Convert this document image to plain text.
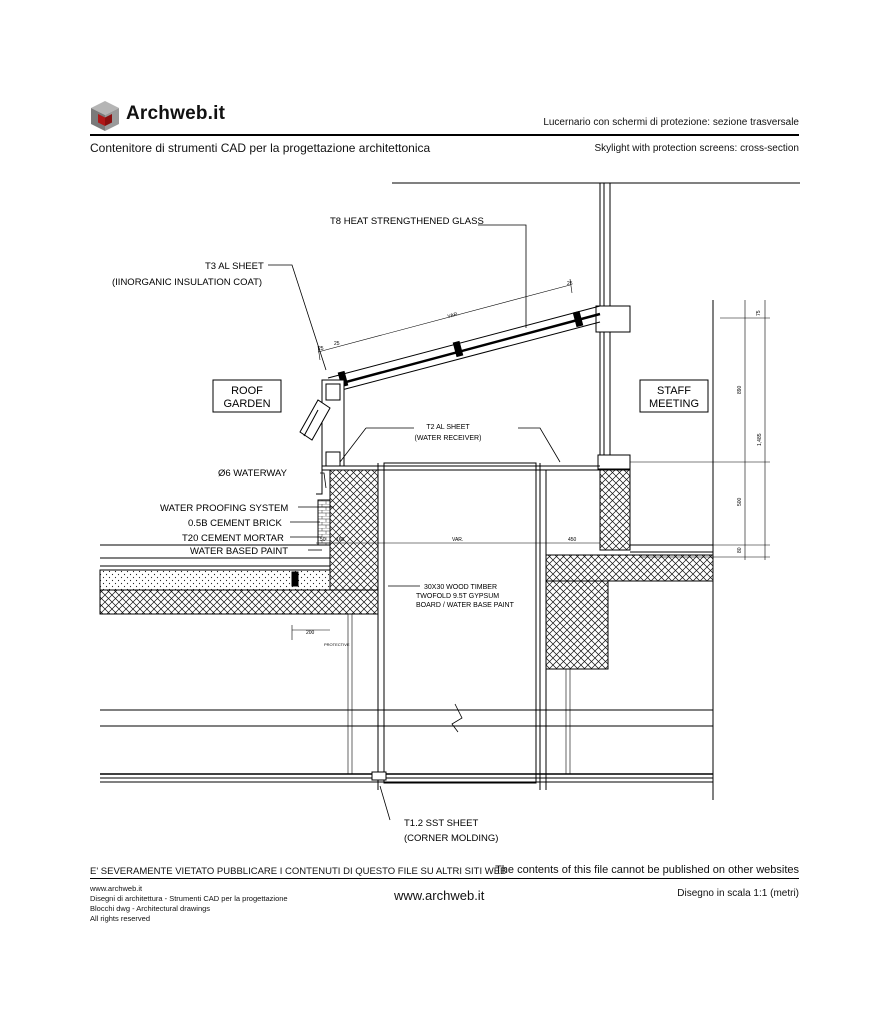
Archweb.it	Lucernario con schermi di protezione: sezione trasversale
Contenitore di strumenti CAD per la progettazione architettonica	Skylight with protection screens: cross-section
T8 HEAT STRENGTHENED GLASS
T3 AL SHEET
(IINORGANIC INSULATION COAT)
ROOF
GARDEN
STAFF
MEETING
T2 AL SHEET
(WATER RECEIVER)
Ø6 WATERWAY
WATER PROOFING SYSTEM
0.5B CEMENT BRICK
T20 CEMENT MORTAR
WATER BASED PAINT
30X30 WOOD TIMBER
TWOFOLD 9.5T GYPSUM
BOARD / WATER BASE PAINT
T1.2 SST SHEET
(CORNER MOLDING)
PROTECTIVE
VAR.
VAR.
25
25
25
50 160	450
200
75
890
1,485
500
80
E' SEVERAMENTE VIETATO PUBBLICARE I CONTENUTI DI QUESTO FILE SU ALTRI SITI WEB
The contents of this file cannot be published on other websites
www.archweb.it
Disegni di architettura - Strumenti CAD per la progettazione
Blocchi dwg - Architectural drawings
All rights reserved
www.archweb.it	Disegno in scala 1:1 (metri)
